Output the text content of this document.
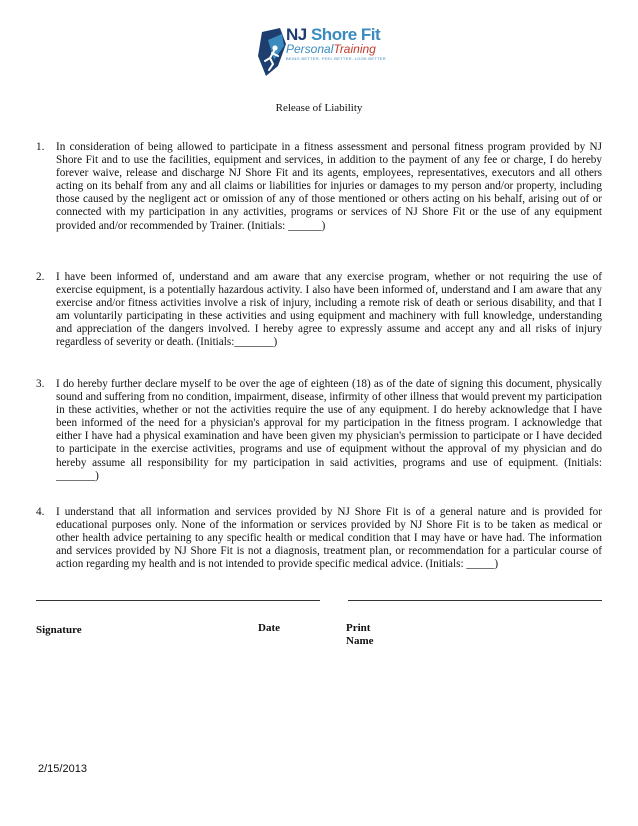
NJ Shore Fit
PersonalTraining
BEING BETTER, FEEL BETTER, LOOK BETTER
Release of Liability
1. In consideration of being allowed to participate in a fitness assessment and personal fitness program provided by NJ Shore Fit and to use the facilities, equipment and services, in addition to the payment of any fee or charge, I do hereby forever waive, release and discharge NJ Shore Fit and its agents, employees, representatives, executors and all others acting on its behalf from any and all claims or liabilities for injuries or damages to my person and/or property, including those caused by the negligent act or omission of any of those mentioned or others acting on his behalf, arising out of or connected with my participation in any activities, programs or services of NJ Shore Fit or the use of any equipment provided and/or recommended by Trainer. (Initials: ______)
2. I have been informed of, understand and am aware that any exercise program, whether or not requiring the use of exercise equipment, is a potentially hazardous activity. I also have been informed of, understand and I am aware that any exercise and/or fitness activities involve a risk of injury, including a remote risk of death or serious disability, and that I am voluntarily participating in these activities and using equipment and machinery with full knowledge, understanding and appreciation of the dangers involved. I hereby agree to expressly assume and accept any and all risks of injury regardless of severity or death. (Initials:_______)
3. I do hereby further declare myself to be over the age of eighteen (18) as of the date of signing this document, physically sound and suffering from no condition, impairment, disease, infirmity of other illness that would prevent my participation in these activities, whether or not the activities require the use of any equipment. I do hereby acknowledge that I have been informed of the need for a physician's approval for my participation in the fitness program. I acknowledge that either I have had a physical examination and have been given my physician's permission to participate or I have decided to participate in the exercise activities, programs and use of equipment without the approval of my physician and do hereby assume all responsibility for my participation in said activities, programs and use of equipment. (Initials: _______)
4. I understand that all information and services provided by NJ Shore Fit is of a general nature and is provided for educational purposes only. None of the information or services provided by NJ Shore Fit is to be taken as medical or other health advice pertaining to any specific health or medical condition that I may have or have had. The information and services provided by NJ Shore Fit is not a diagnosis, treatment plan, or recommendation for a particular course of action regarding my health and is not intended to provide specific medical advice. (Initials: _____)
Signature	Date	Print Name
2/15/2013
